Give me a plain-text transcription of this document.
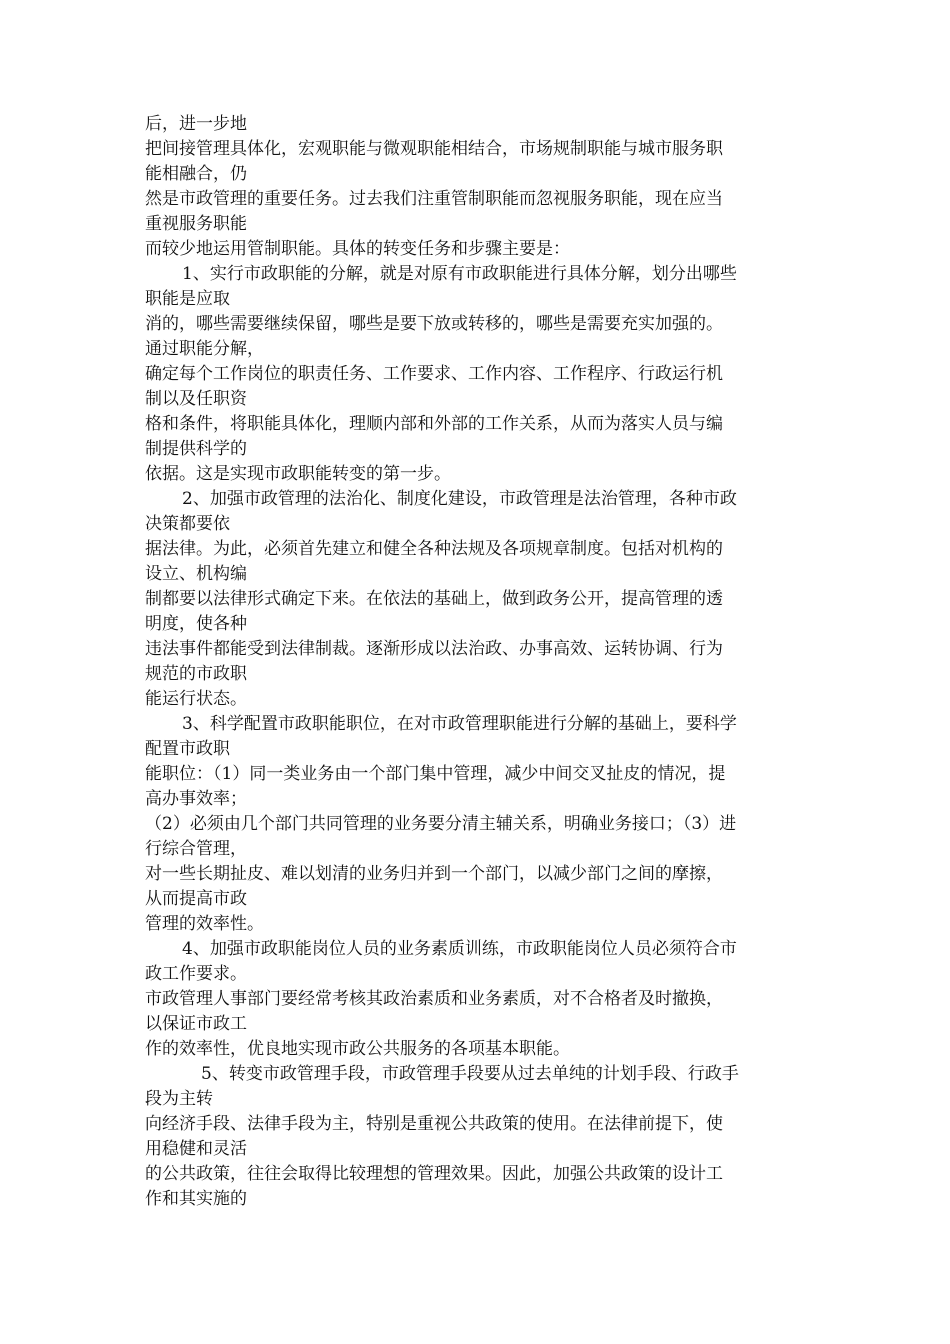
后，进一步地
把间接管理具体化，宏观职能与微观职能相结合，市场规制职能与城市服务职
能相融合，仍
然是市政管理的重要任务。过去我们注重管制职能而忽视服务职能，现在应当
重视服务职能
而较少地运用管制职能。具体的转变任务和步骤主要是：
1、实行市政职能的分解，就是对原有市政职能进行具体分解，划分出哪些
职能是应取
消的，哪些需要继续保留，哪些是要下放或转移的，哪些是需要充实加强的。
通过职能分解，
确定每个工作岗位的职责任务、工作要求、工作内容、工作程序、行政运行机
制以及任职资
格和条件，将职能具体化，理顺内部和外部的工作关系，从而为落实人员与编
制提供科学的
依据。这是实现市政职能转变的第一步。
2、加强市政管理的法治化、制度化建设，市政管理是法治管理，各种市政
决策都要依
据法律。为此，必须首先建立和健全各种法规及各项规章制度。包括对机构的
设立、机构编
制都要以法律形式确定下来。在依法的基础上，做到政务公开，提高管理的透
明度，使各种
违法事件都能受到法律制裁。逐渐形成以法治政、办事高效、运转协调、行为
规范的市政职
能运行状态。
3、科学配置市政职能职位，在对市政管理职能进行分解的基础上，要科学
配置市政职
能职位：（1）同一类业务由一个部门集中管理，减少中间交叉扯皮的情况，提
高办事效率；
（2）必须由几个部门共同管理的业务要分清主辅关系，明确业务接口；（3）进
行综合管理，
对一些长期扯皮、难以划清的业务归并到一个部门，以减少部门之间的摩擦，
从而提高市政
管理的效率性。
4、加强市政职能岗位人员的业务素质训练，市政职能岗位人员必须符合市
政工作要求。
市政管理人事部门要经常考核其政治素质和业务素质，对不合格者及时撤换，
以保证市政工
作的效率性，优良地实现市政公共服务的各项基本职能。
5、转变市政管理手段，市政管理手段要从过去单纯的计划手段、行政手
段为主转
向经济手段、法律手段为主，特别是重视公共政策的使用。在法律前提下，使
用稳健和灵活
的公共政策，往往会取得比较理想的管理效果。因此，加强公共政策的设计工
作和其实施的
